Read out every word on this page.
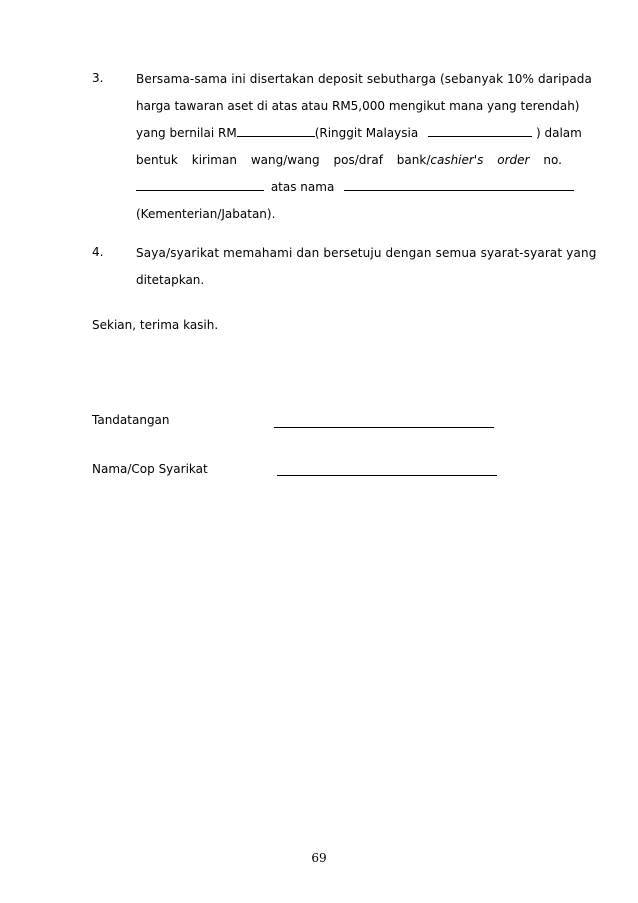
3.	Bersama-sama ini disertakan deposit sebutharga (sebanyak 10% daripada
harga tawaran aset di atas atau RM5,000 mengikut mana yang terendah)
yang bernilai RM	(Ringgit Malaysia	) dalam
bentuk kiriman wang/wang pos/draf bank/cashier's order no.
atas nama
(Kementerian/Jabatan).
4.	Saya/syarikat memahami dan bersetuju dengan semua syarat-syarat yang
ditetapkan.
Sekian, terima kasih.
Tandatangan
Nama/Cop Syarikat
69
